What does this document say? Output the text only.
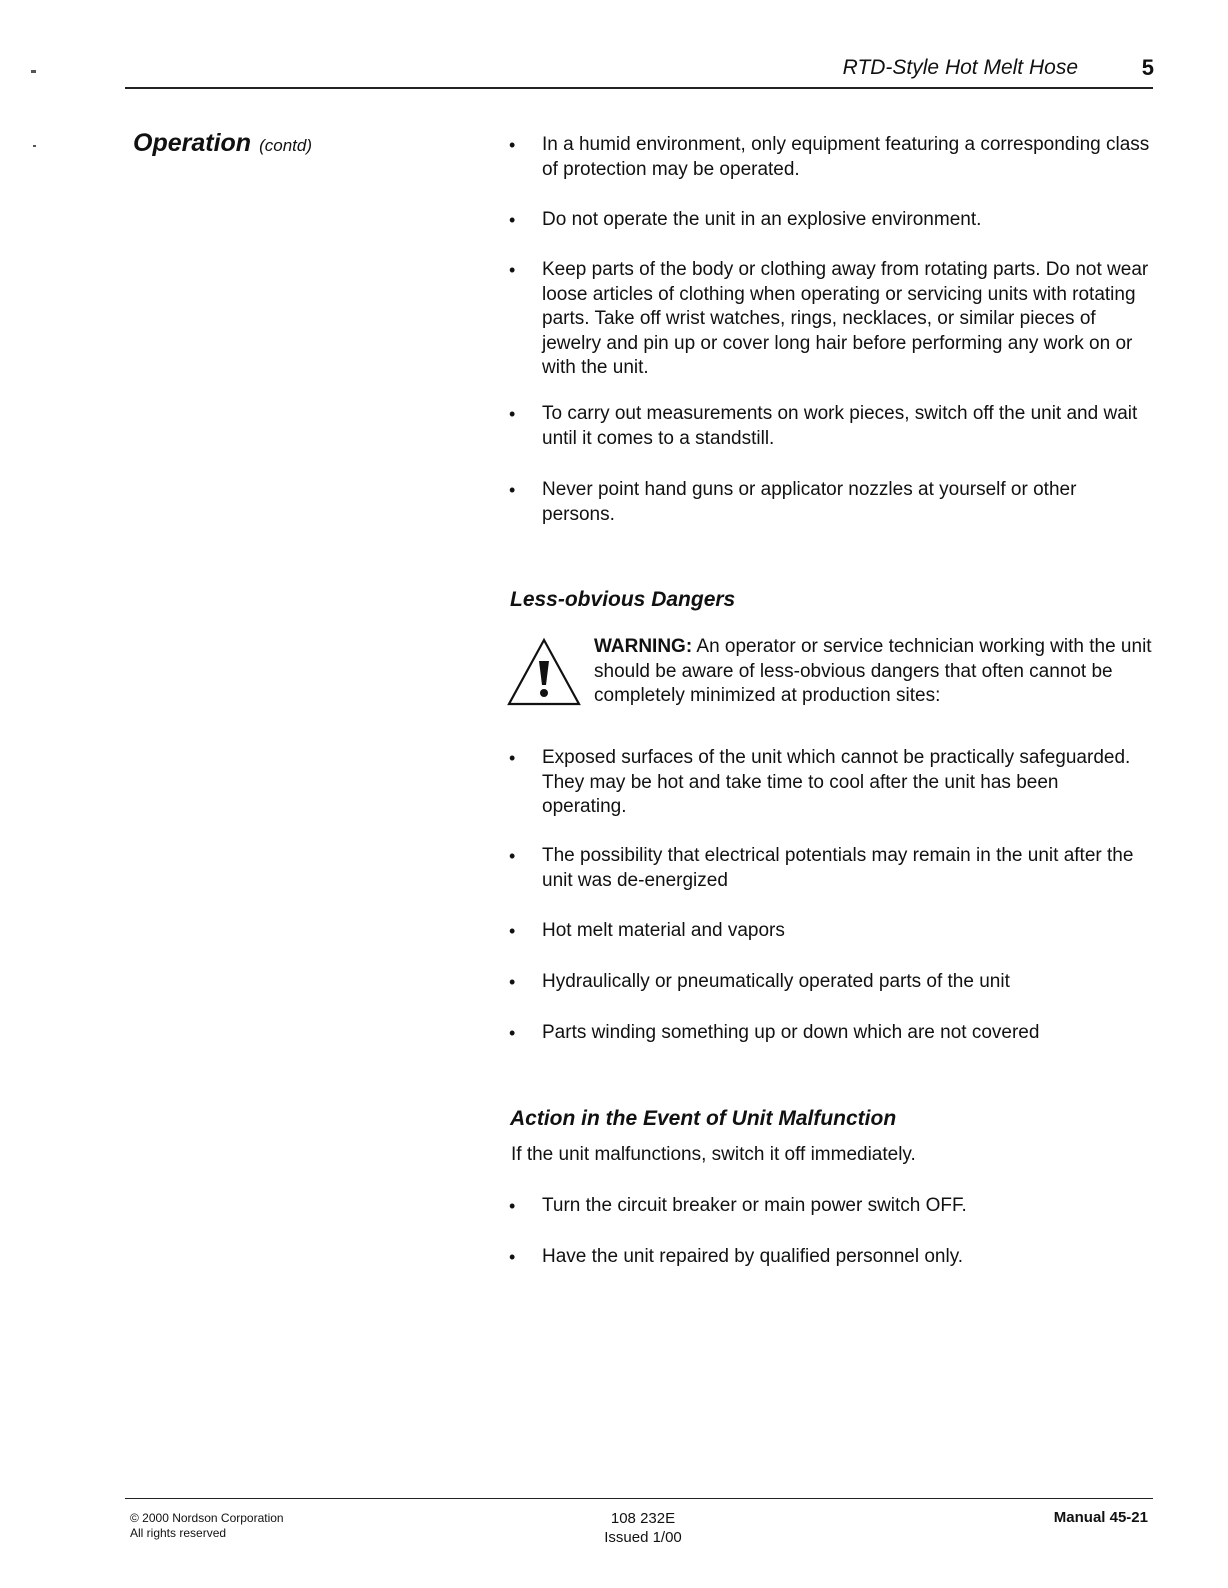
RTD-Style Hot Melt Hose	5
Operation (contd)	• In a humid environment, only equipment featuring a corresponding class of protection may be operated.
• Do not operate the unit in an explosive environment.
• Keep parts of the body or clothing away from rotating parts. Do not wear loose articles of clothing when operating or servicing units with rotating parts. Take off wrist watches, rings, necklaces, or similar pieces of jewelry and pin up or cover long hair before performing any work on or with the unit.
• To carry out measurements on work pieces, switch off the unit and wait until it comes to a standstill.
• Never point hand guns or applicator nozzles at yourself or other persons.
Less-obvious Dangers
WARNING: An operator or service technician working with the unit should be aware of less-obvious dangers that often cannot be completely minimized at production sites:
• Exposed surfaces of the unit which cannot be practically safeguarded. They may be hot and take time to cool after the unit has been operating.
• The possibility that electrical potentials may remain in the unit after the unit was de-energized
• Hot melt material and vapors
• Hydraulically or pneumatically operated parts of the unit
• Parts winding something up or down which are not covered
Action in the Event of Unit Malfunction
If the unit malfunctions, switch it off immediately.
• Turn the circuit breaker or main power switch OFF.
• Have the unit repaired by qualified personnel only.
© 2000 Nordson Corporation
All rights reserved
108 232E
Issued 1/00
Manual 45-21
